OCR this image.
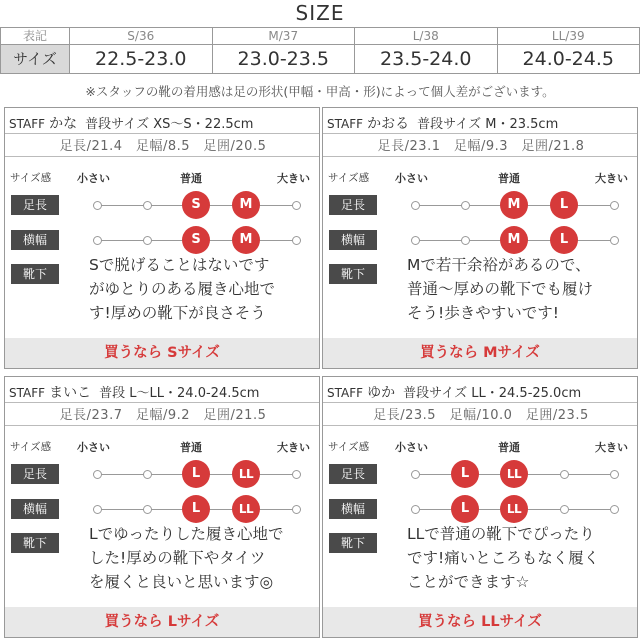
SIZE
表記	S/36	M/37	L/38	LL/39
サイズ	22.5-23.0	23.0-23.5	23.5-24.0	24.0-24.5
※スタッフの靴の着用感は足の形状(甲幅・甲高・形)によって個人差がございます。
STAFF かな 普段サイズ XS〜S・22.5cm
足長/21.4　足幅/8.5　足囲/20.5
サイズ感 小さい	普通	大きい
足長	S	M
横幅	S	M
靴下	Sで脱げることはないです
がゆとりのある履き心地で
す!厚めの靴下が良さそう
買うなら Sサイズ
STAFF かおる 普段サイズ M・23.5cm
足長/23.1　足幅/9.3　足囲/21.8
サイズ感 小さい	普通	大きい
足長	M	L
横幅	M	L
靴下	Mで若干余裕があるので、
普通〜厚めの靴下でも履け
そう!歩きやすいです!
買うなら Mサイズ
STAFF まいこ 普段 L〜LL・24.0-24.5cm
足長/23.7　足幅/9.2　足囲/21.5
サイズ感 小さい	普通	大きい
足長	L	LL
横幅	L	LL
靴下	Lでゆったりした履き心地で
した!厚めの靴下やタイツ
を履くと良いと思います◎
買うなら Lサイズ
STAFF ゆか 普段サイズ LL・24.5-25.0cm
足長/23.5　足幅/10.0　足囲/23.5
サイズ感 小さい	普通	大きい
足長	L	LL
横幅	L	LL
靴下	LLで普通の靴下でぴったり
です!痛いところもなく履く
ことができます☆
買うなら LLサイズ
